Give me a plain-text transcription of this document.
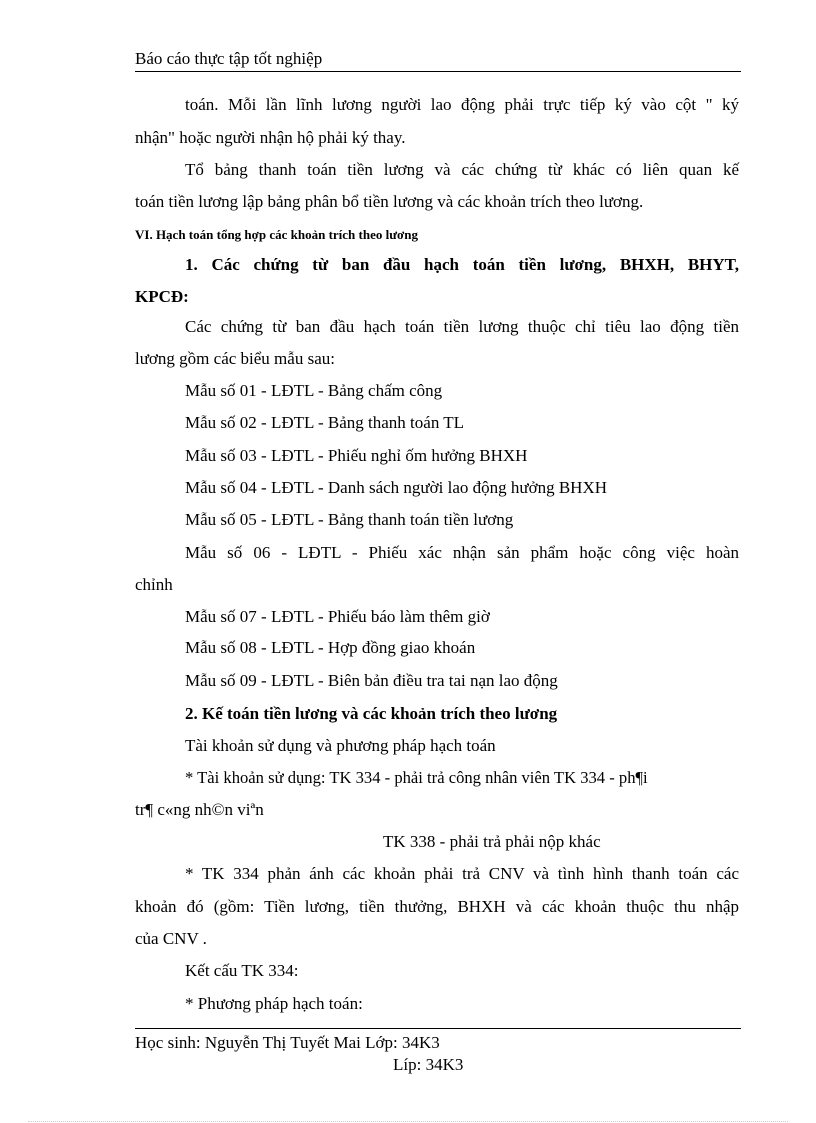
Báo cáo thực tập tốt nghiệp
toán. Mỗi lần lĩnh lương người lao động phải trực tiếp ký vào cột " ký
nhận" hoặc người nhận hộ phải ký thay.
Tổ bảng thanh toán tiền lương và các chứng từ khác có liên quan kế
toán tiền lương lập bảng phân bổ tiền lương và các khoản trích theo lương.
VI. Hạch toán tổng hợp các khoản trích theo lương
1. Các chứng từ ban đầu hạch toán tiền lương, BHXH, BHYT,
KPCĐ:
Các chứng từ ban đầu hạch toán tiền lương thuộc chỉ tiêu lao động tiền
lương gồm các biểu mẫu sau:
Mẫu số 01 - LĐTL - Bảng chấm công
Mẫu số 02 - LĐTL - Bảng thanh toán TL
Mẫu số 03 - LĐTL - Phiếu nghỉ ốm hưởng BHXH
Mẫu số 04 - LĐTL - Danh sách người lao động hưởng BHXH
Mẫu số 05 - LĐTL - Bảng thanh toán tiền lương
Mẫu số 06 - LĐTL - Phiếu xác nhận sản phẩm hoặc công việc hoàn
chỉnh
Mẫu số 07 - LĐTL - Phiếu báo làm thêm giờ
Mẫu số 08 - LĐTL - Hợp đồng giao khoán
Mẫu số 09 - LĐTL - Biên bản điều tra tai nạn lao động
2. Kế toán tiền lương và các khoản trích theo lương
Tài khoản sử dụng và phương pháp hạch toán
* Tài khoản sử dụng: TK 334 - phải trả công nhân viên TK 334 - ph¶i
tr¶ c«ng nh©n viªn
TK 338 - phải trả phải nộp khác
* TK 334 phản ánh các khoản phải trả CNV và tình hình thanh toán các
khoản đó (gồm: Tiền lương, tiền thưởng, BHXH và các khoản thuộc thu nhập
của CNV .
Kết cấu TK 334:
* Phương pháp hạch toán:
Học sinh: Nguyễn Thị Tuyết Mai Lớp: 34K3
Líp: 34K3
